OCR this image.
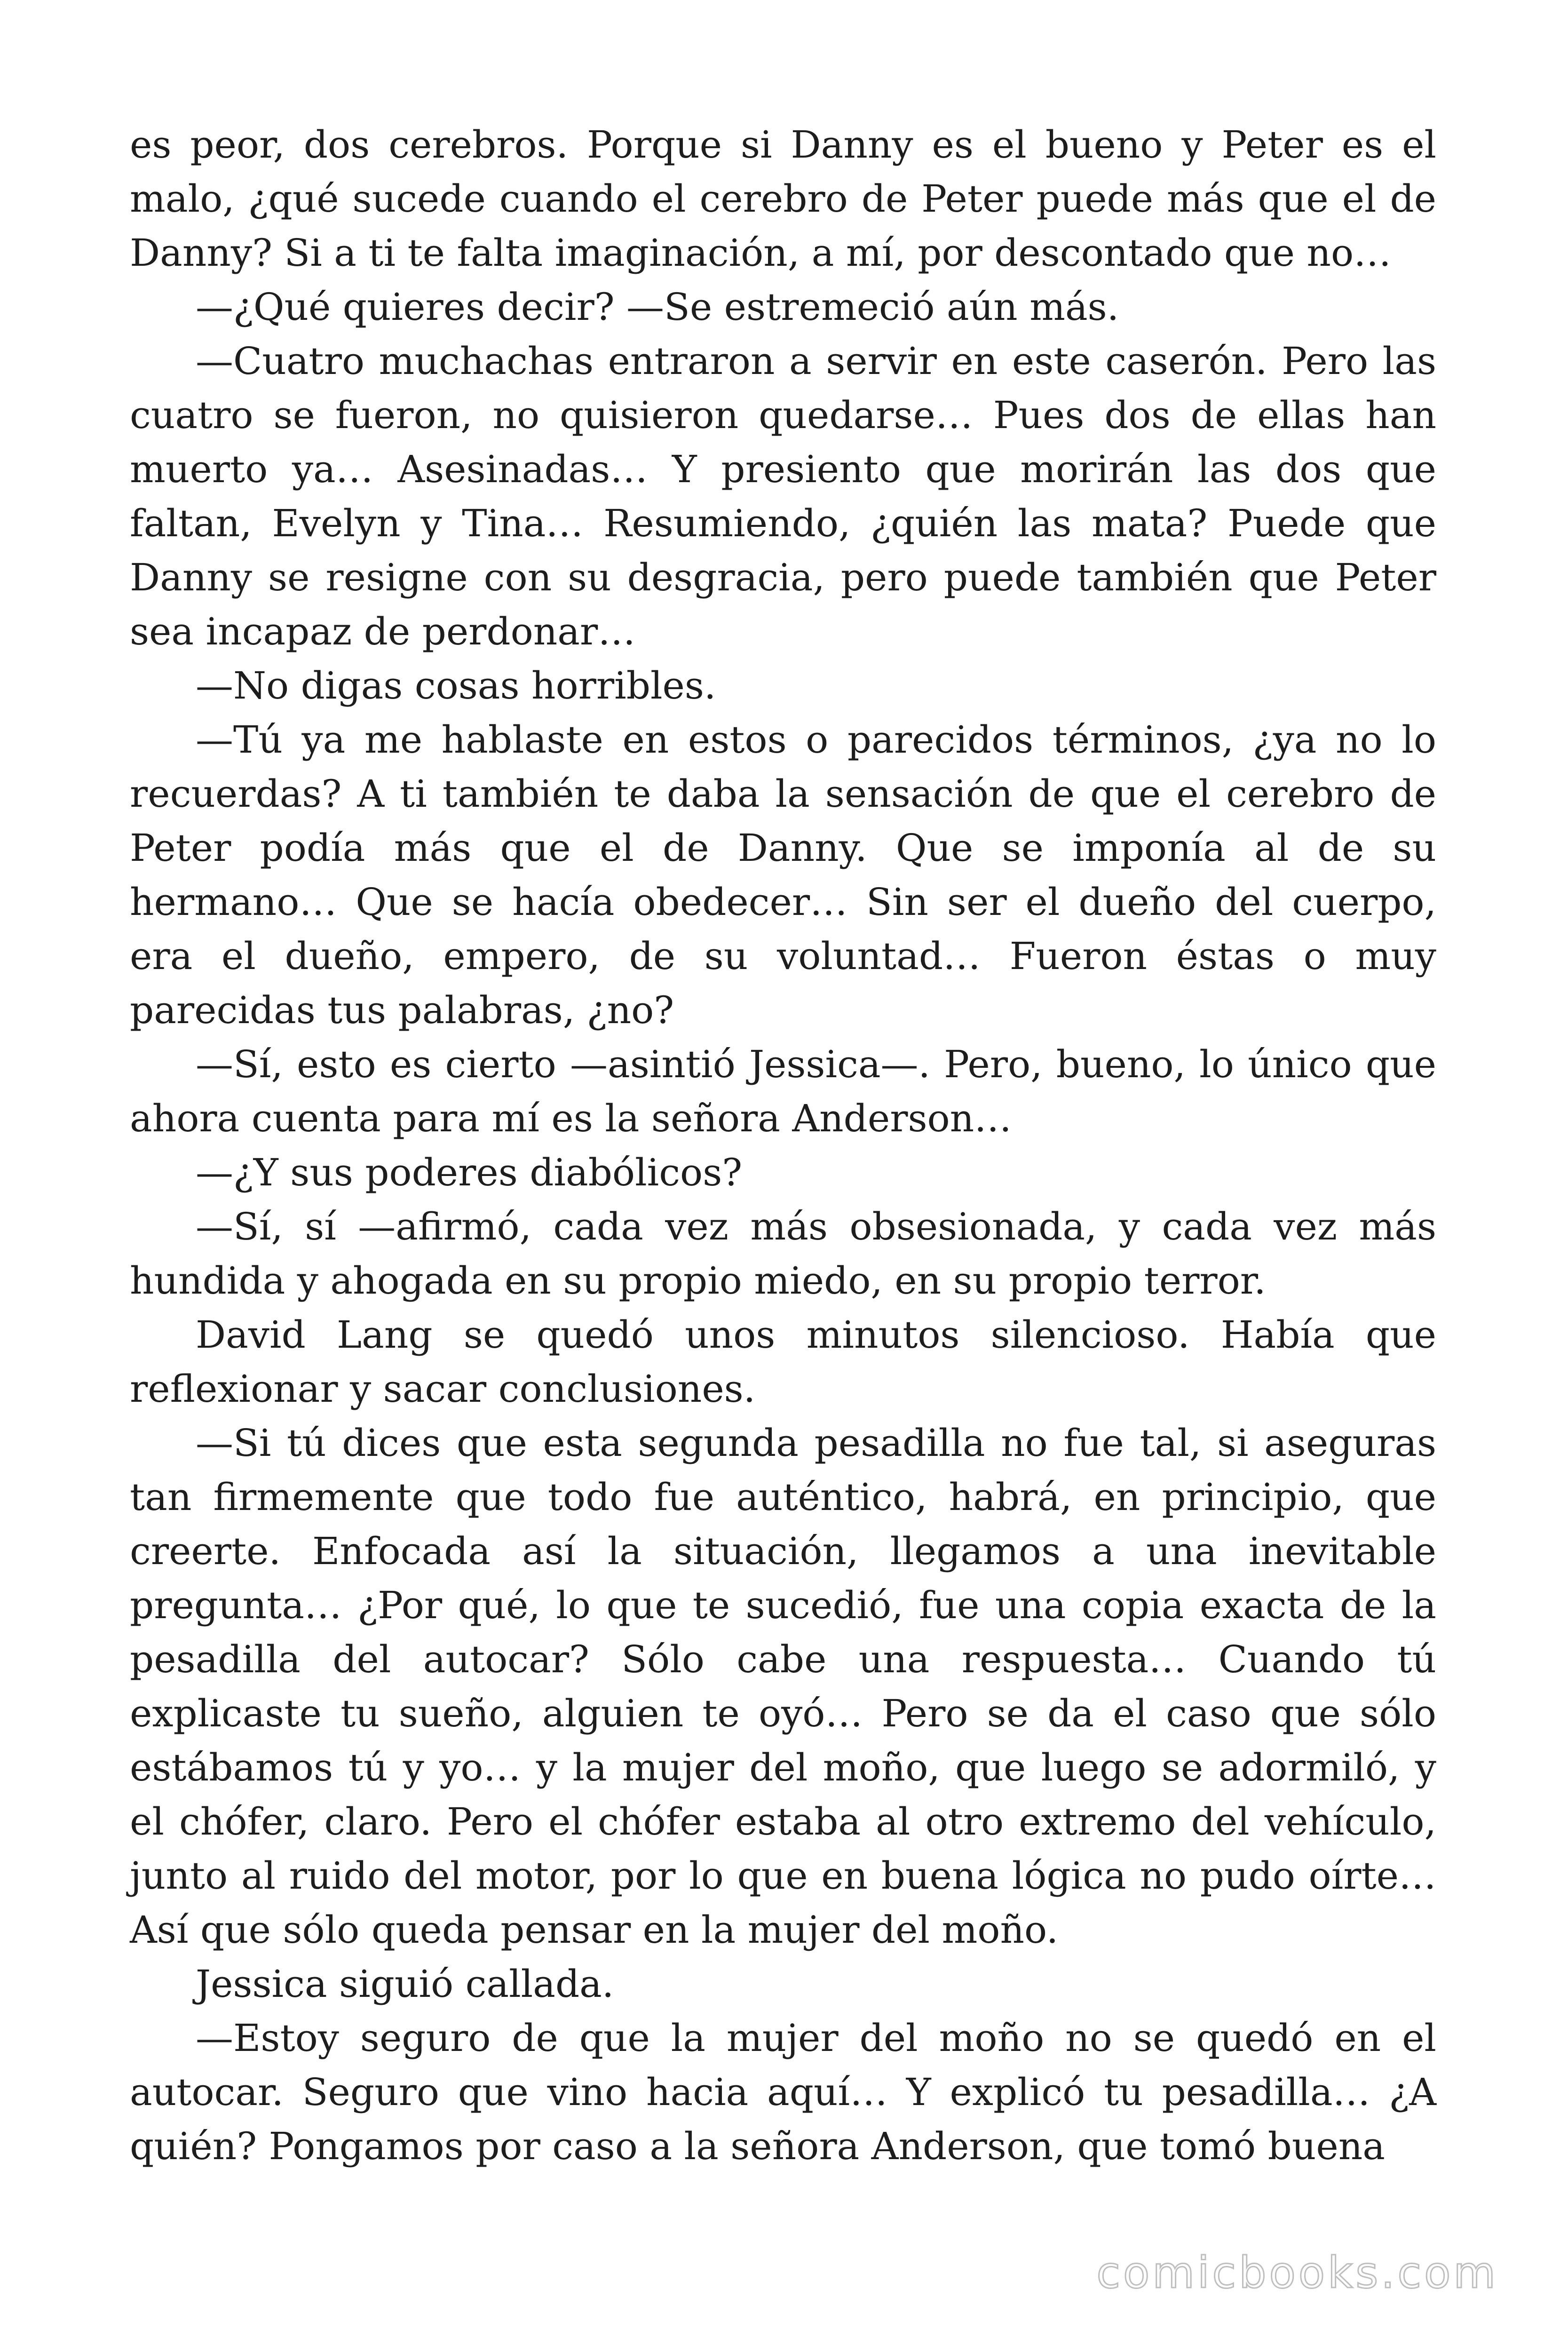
es peor, dos cerebros. Porque si Danny es el bueno y Peter es el malo, ¿qué sucede cuando el cerebro de Peter puede más que el de Danny? Si a ti te falta imaginación, a mí, por descontado que no…

—¿Qué quieres decir? —Se estremeció aún más.

—Cuatro muchachas entraron a servir en este caserón. Pero las cuatro se fueron, no quisieron quedarse… Pues dos de ellas han muerto ya… Asesinadas… Y presiento que morirán las dos que faltan, Evelyn y Tina… Resumiendo, ¿quién las mata? Puede que Danny se resigne con su desgracia, pero puede también que Peter sea incapaz de perdonar…

—No digas cosas horribles.

—Tú ya me hablaste en estos o parecidos términos, ¿ya no lo recuerdas? A ti también te daba la sensación de que el cerebro de Peter podía más que el de Danny. Que se imponía al de su hermano… Que se hacía obedecer… Sin ser el dueño del cuerpo, era el dueño, empero, de su voluntad… Fueron éstas o muy parecidas tus palabras, ¿no?

—Sí, esto es cierto —asintió Jessica—. Pero, bueno, lo único que ahora cuenta para mí es la señora Anderson…

—¿Y sus poderes diabólicos?

—Sí, sí —afirmó, cada vez más obsesionada, y cada vez más hundida y ahogada en su propio miedo, en su propio terror.

David Lang se quedó unos minutos silencioso. Había que reflexionar y sacar conclusiones.

—Si tú dices que esta segunda pesadilla no fue tal, si aseguras tan firmemente que todo fue auténtico, habrá, en principio, que creerte. Enfocada así la situación, llegamos a una inevitable pregunta… ¿Por qué, lo que te sucedió, fue una copia exacta de la pesadilla del autocar? Sólo cabe una respuesta… Cuando tú explicaste tu sueño, alguien te oyó… Pero se da el caso que sólo estábamos tú y yo… y la mujer del moño, que luego se adormiló, y el chófer, claro. Pero el chófer estaba al otro extremo del vehículo, junto al ruido del motor, por lo que en buena lógica no pudo oírte… Así que sólo queda pensar en la mujer del moño.

Jessica siguió callada.

—Estoy seguro de que la mujer del moño no se quedó en el autocar. Seguro que vino hacia aquí… Y explicó tu pesadilla… ¿A quién? Pongamos por caso a la señora Anderson, que tomó buena

comicbooks.com
